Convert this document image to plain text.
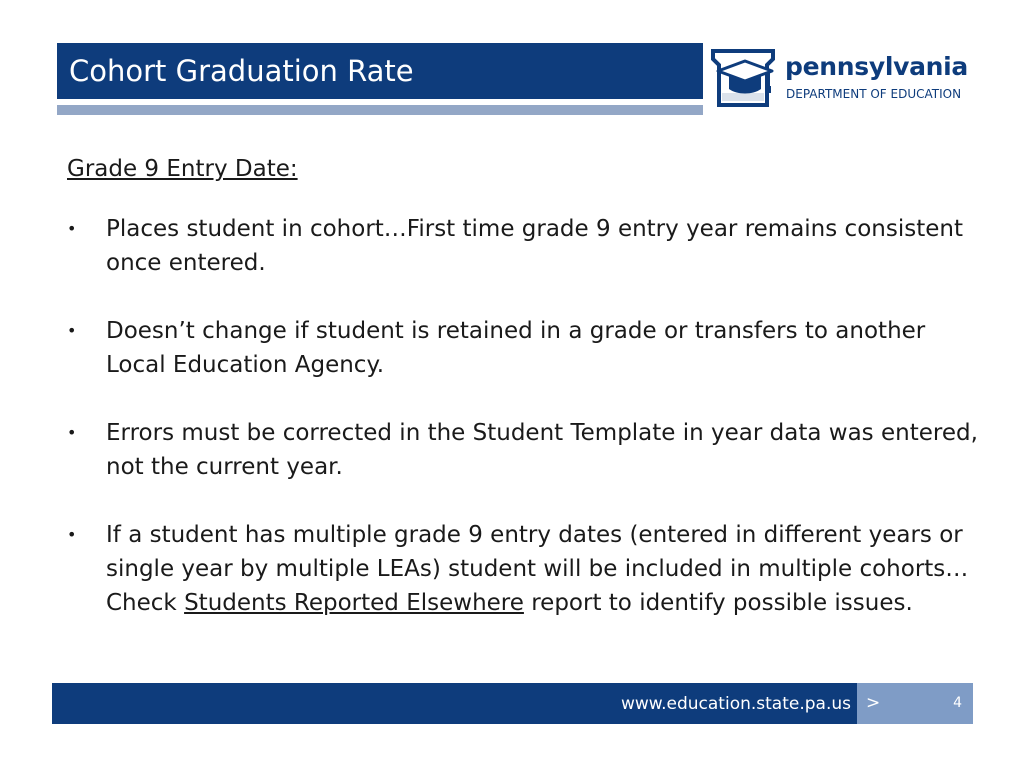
Cohort Graduation Rate	pennsylvania
DEPARTMENT OF EDUCATION
Grade 9 Entry Date:
• Places student in cohort…First time grade 9 entry year remains consistent once entered.
• Doesn’t change if student is retained in a grade or transfers to another Local Education Agency.
• Errors must be corrected in the Student Template in year data was entered, not the current year.
• If a student has multiple grade 9 entry dates (entered in different years or single year by multiple LEAs) student will be included in multiple cohorts…Check Students Reported Elsewhere report to identify possible issues.
www.education.state.pa.us >	4
